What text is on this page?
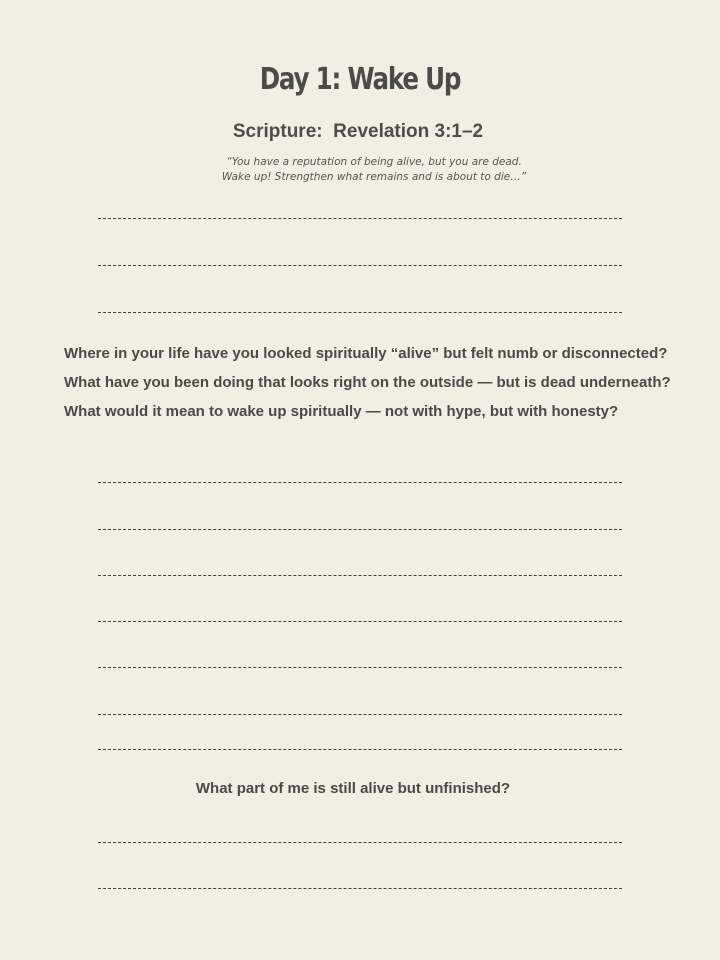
Day 1: Wake Up
Scripture:  Revelation 3:1–2
“You have a reputation of being alive, but you are dead.
Wake up! Strengthen what remains and is about to die…”
Where in your life have you looked spiritually “alive” but felt numb or disconnected?
What have you been doing that looks right on the outside — but is dead underneath?
What would it mean to wake up spiritually — not with hype, but with honesty?
What part of me is still alive but unfinished?
